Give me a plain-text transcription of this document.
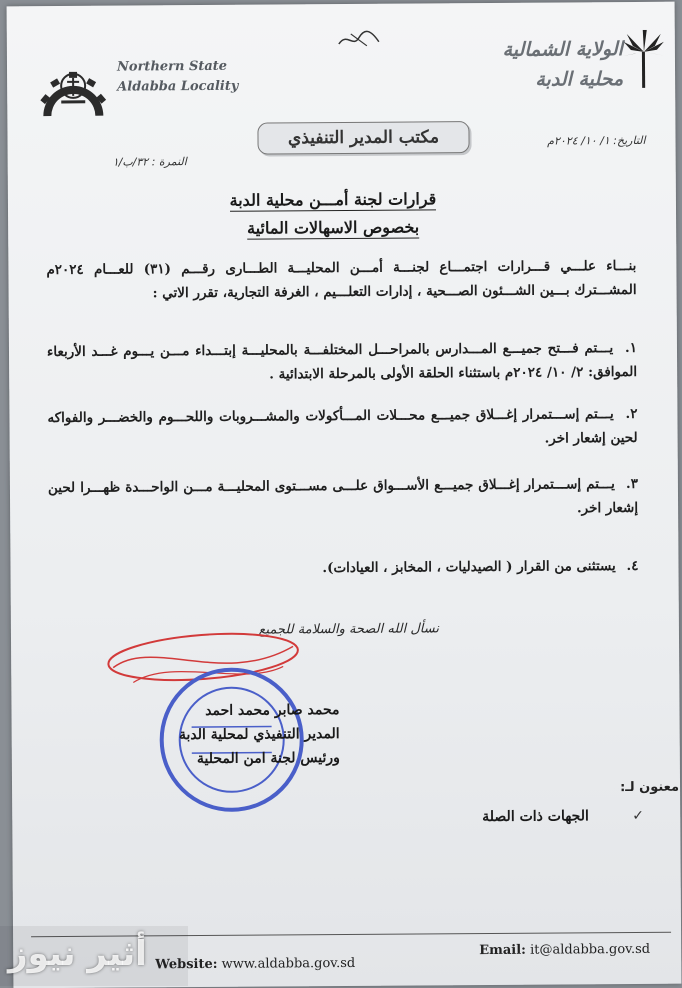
الولاية الشمالية
محلية الدبة
Northern State
Aldabba Locality
مكتب المدير التنفيذي	التاريخ: ١/ ١٠/ ٢٠٢٤م
النمرة : ٣٢/ب/١
قرارات لجنة أمـــن محلية الدبة
بخصوص الاسهالات المائية
بنـــاء علـــي قـــرارات اجتمـــاع لجنـــة أمـــن المحليـــة الطـــارى رقـــم (٣١) للعـــام ٢٠٢٤م المشـــترك بـــين الشـــئون الصـــحية ، إدارات التعلـــيم ، الغرفة التجارية، تقرر الاتي :
١. يـــتم فـــتح جميـــع المـــدارس بالمراحـــل المختلفـــة بالمحليـــة إبتـــداء مـــن يـــوم غـــد الأربعاء الموافق: ٢/ ١٠/ ٢٠٢٤م باستثناء الحلقة الأولى بالمرحلة الابتدائية .
٢. يـــتم إســـتمرار إغـــلاق جميـــع محـــلات المـــأكولات والمشـــروبات واللحـــوم والخضـــر والفواكه لحين إشعار اخر.
٣. يـــتم إســـتمرار إغـــلاق جميـــع الأســـواق علـــى مســـتوى المحليـــة مـــن الواحـــدة ظهـــرا لحين إشعار اخر.
٤. يستثنى من القرار ( الصيدليات ، المخابز ، العيادات).
نسأل الله الصحة والسلامة للجميع
محمد صابر محمد احمد
المدير التنفيذي لمحلية الدبة
ورئيس لجنة امن المحلية
معنون لـ:
✓
الجهات ذات الصلة
Website: www.aldabba.gov.sd
Email: it@aldabba.gov.sd
أثير نيوز
